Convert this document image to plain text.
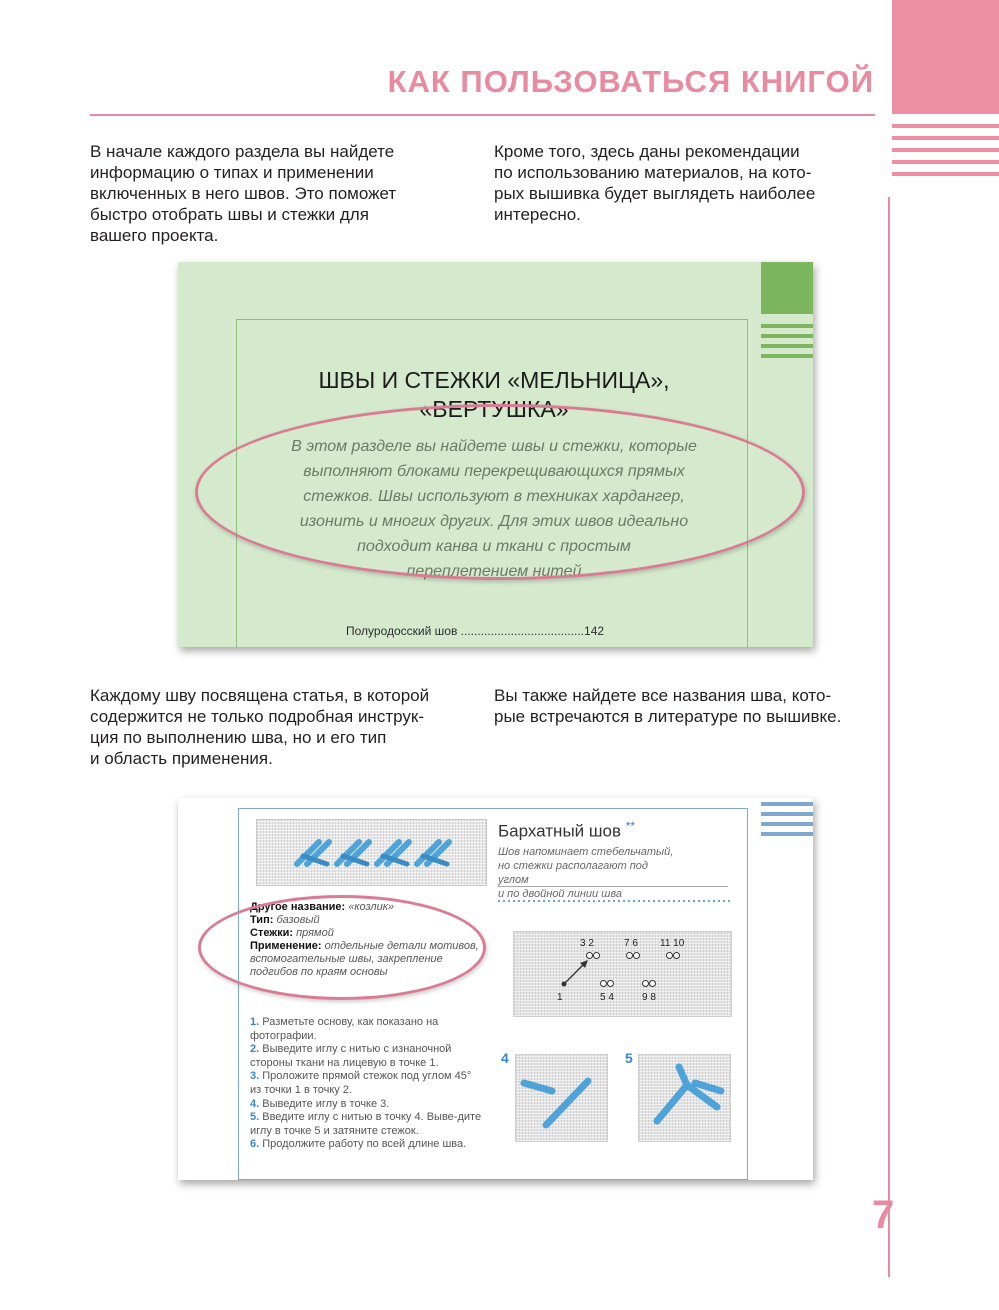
КАК ПОЛЬЗОВАТЬСЯ КНИГОЙ
В начале каждого раздела вы найдете
информацию о типах и применении
включенных в него швов. Это поможет
быстро отобрать швы и стежки для
вашего проекта.
Кроме того, здесь даны рекомендации
по использованию материалов, на кото-
рых вышивка будет выглядеть наиболее
интересно.
ШВЫ И СТЕЖКИ «МЕЛЬНИЦА»,
«ВЕРТУШКА»
В этом разделе вы найдете швы и стежки, которые
выполняют блоками перекрещивающихся прямых
стежков. Швы используют в техниках хардангер,
изонить и многих других. Для этих швов идеально
подходит канва и ткани с простым
переплетением нитей
Полуродосский шов .....................................142
Каждому шву посвящена статья, в которой
содержится не только подробная инструк-
ция по выполнению шва, но и его тип
и область применения.
Вы также найдете все названия шва, кото-
рые встречаются в литературе по вышивке.
Бархатный шов **
Шов напоминает стебельчатый,
но стежки располагают под углом
и по двойной линии шва
Другое название: «козлик»
Тип: базовый
Стежки: прямой
Применение: отдельные детали мотивов, вспомогательные швы, закрепление подгибов по краям основы
1. Разметьте основу, как показано на фотографии.
2. Выведите иглу с нитью с изнаночной стороны ткани на лицевую в точке 1.
3. Проложите прямой стежок под углом 45° из точки 1 в точку 2.
4. Выведите иглу в точке 3.
5. Введите иглу с нитью в точку 4. Выве-дите иглу в точке 5 и затяните стежок.
6. Продолжите работу по всей длине шва.
3 2	7 6 11 10
1	5 4	9 8
4	5
7
